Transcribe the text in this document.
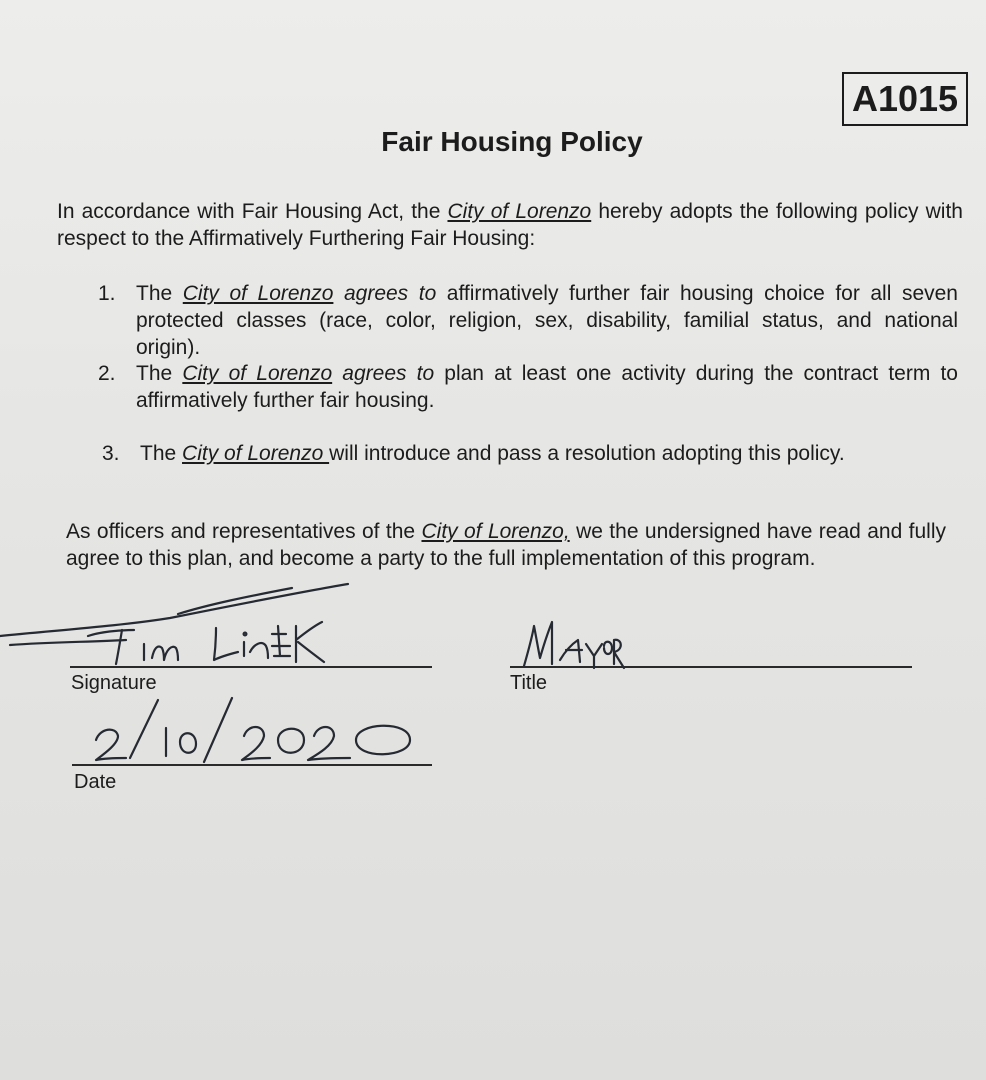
A1015
Fair Housing Policy
In accordance with Fair Housing Act, the City of Lorenzo hereby adopts the following policy with respect to the Affirmatively Furthering Fair Housing:
1. The City of Lorenzo agrees to affirmatively further fair housing choice for all seven protected classes (race, color, religion, sex, disability, familial status, and national origin).
2. The City of Lorenzo agrees to plan at least one activity during the contract term to affirmatively further fair housing.
3. The City of Lorenzo will introduce and pass a resolution adopting this policy.
As officers and representatives of the City of Lorenzo, we the undersigned have read and fully agree to this plan, and become a party to the full implementation of this program.
Signature	Title
Date
